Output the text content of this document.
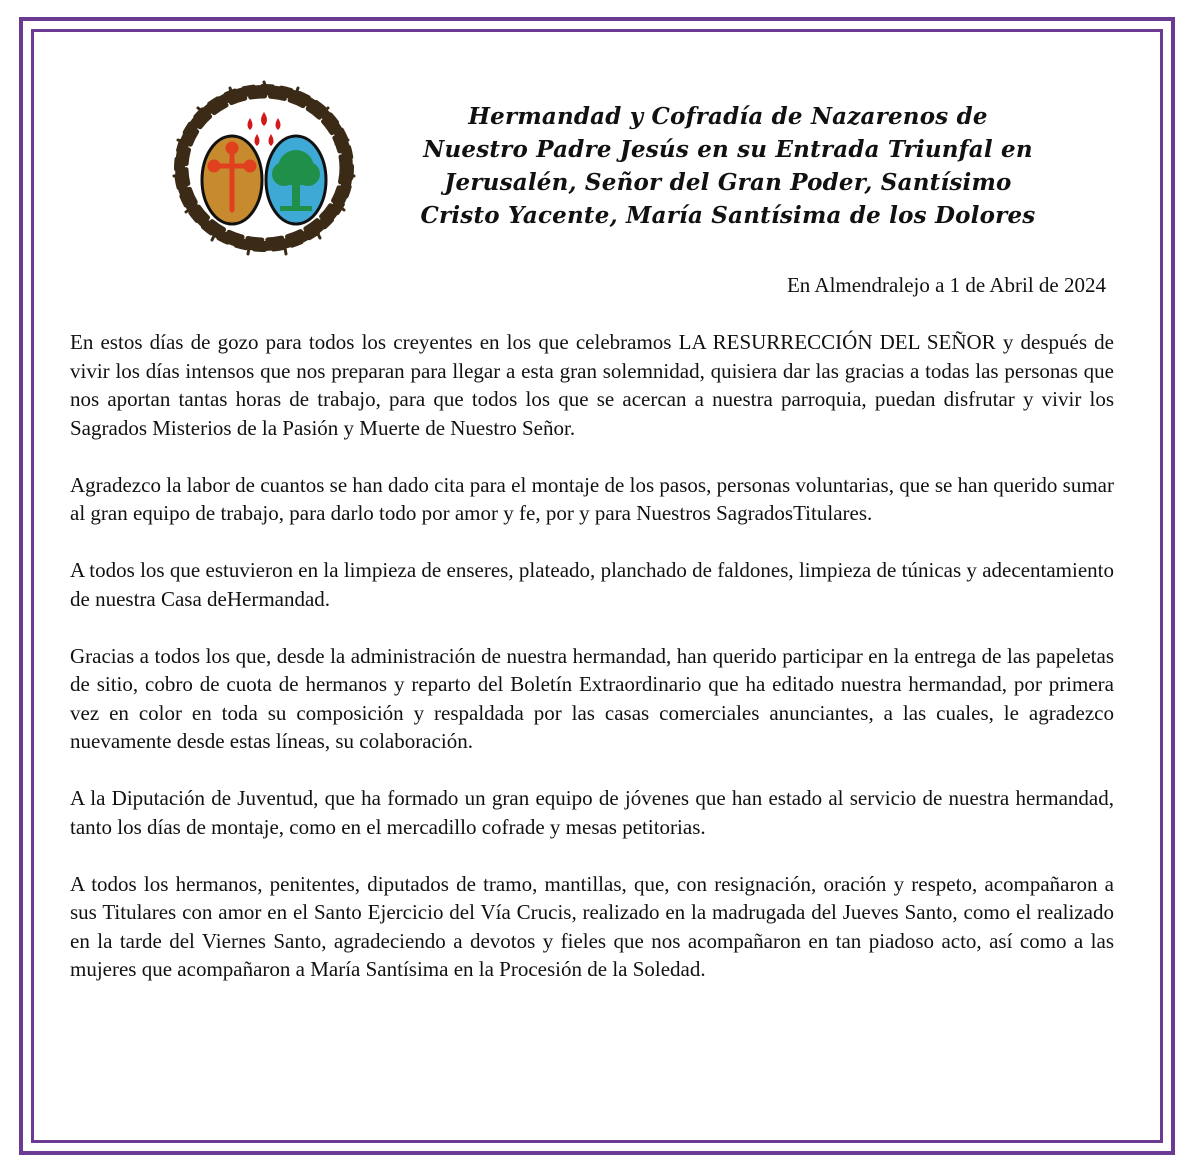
Hermandad y Cofradía de Nazarenos de
Nuestro Padre Jesús en su Entrada Triunfal en
Jerusalén, Señor del Gran Poder, Santísimo
Cristo Yacente, María Santísima de los Dolores
En Almendralejo a 1 de Abril de 2024

En estos días de gozo para todos los creyentes en los que celebramos LA RESURRECCIÓN DEL SEÑOR y después de vivir los días intensos que nos preparan para llegar a esta gran solemnidad, quisiera dar las gracias a todas las personas que nos aportan tantas horas de trabajo, para que todos los que se acercan a nuestra parroquia, puedan disfrutar y vivir los Sagrados Misterios de la Pasión y Muerte de Nuestro Señor.

Agradezco la labor de cuantos se han dado cita para el montaje de los pasos, personas voluntarias, que se han querido sumar al gran equipo de trabajo, para darlo todo por amor y fe, por y para Nuestros SagradosTitulares.

A todos los que estuvieron en la limpieza de enseres, plateado, planchado de faldones, limpieza de túnicas y adecentamiento de nuestra Casa deHermandad.

Gracias a todos los que, desde la administración de nuestra hermandad, han querido participar en la entrega de las papeletas de sitio, cobro de cuota de hermanos y reparto del Boletín Extraordinario que ha editado nuestra hermandad, por primera vez en color en toda su composición y respaldada por las casas comerciales anunciantes, a las cuales, le agradezco nuevamente desde estas líneas, su colaboración.

A la Diputación de Juventud, que ha formado un gran equipo de jóvenes que han estado al servicio de nuestra hermandad, tanto los días de montaje, como en el mercadillo cofrade y mesas petitorias.

A todos los hermanos, penitentes, diputados de tramo, mantillas, que, con resignación, oración y respeto, acompañaron a sus Titulares con amor en el Santo Ejercicio del Vía Crucis, realizado en la madrugada del Jueves Santo, como el realizado en la tarde del Viernes Santo, agradeciendo a devotos y fieles que nos acompañaron en tan piadoso acto, así como a las mujeres que acompañaron a María Santísima en la Procesión de la Soledad.
